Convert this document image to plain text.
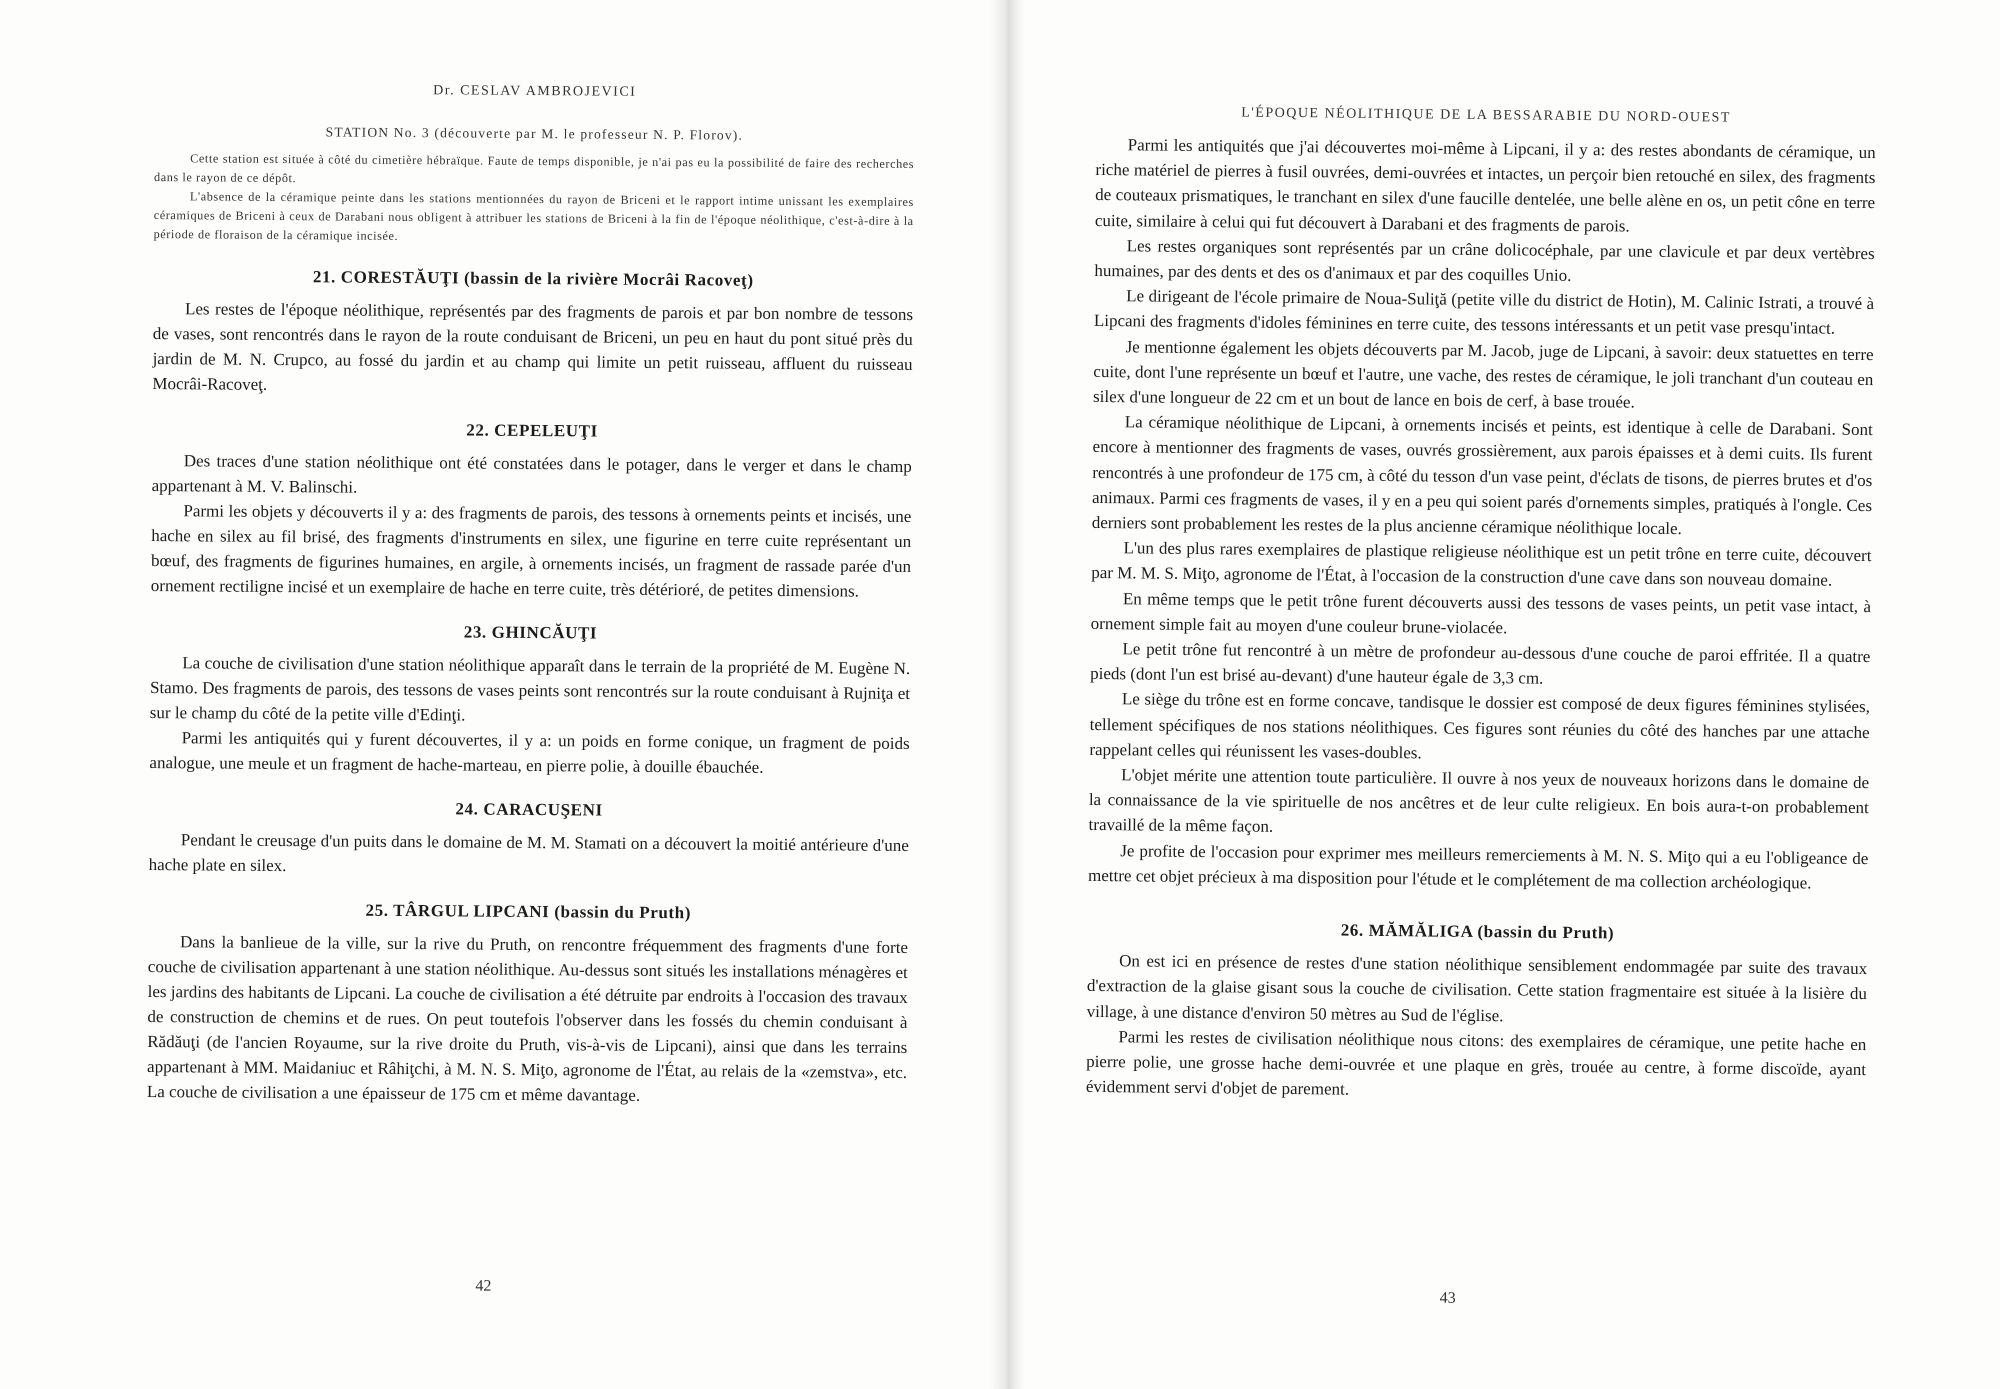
Dr. CESLAV AMBROJEVICI
STATION No. 3 (découverte par M. le professeur N. P. Florov).

Cette station est située à côté du cimetière hébraïque. Faute de temps disponible, je n'ai pas eu la possibilité de faire des recherches dans le rayon de ce dépôt.

L'absence de la céramique peinte dans les stations mentionnées du rayon de Briceni et le rapport intime unissant les exemplaires céramiques de Briceni à ceux de Darabani nous obligent à attribuer les stations de Briceni à la fin de l'époque néolithique, c'est-à-dire à la période de floraison de la céramique incisée.

21. CORESTĂUŢI (bassin de la rivière Mocrâi Racoveţ)

Les restes de l'époque néolithique, représentés par des fragments de parois et par bon nombre de tessons de vases, sont rencontrés dans le rayon de la route conduisant de Briceni, un peu en haut du pont situé près du jardin de M. N. Crupco, au fossé du jardin et au champ qui limite un petit ruisseau, affluent du ruisseau Mocrâi-Racoveţ.

22. CEPELEUŢI

Des traces d'une station néolithique ont été constatées dans le potager, dans le verger et dans le champ appartenant à M. V. Balinschi.

Parmi les objets y découverts il y a: des fragments de parois, des tessons à ornements peints et incisés, une hache en silex au fil brisé, des fragments d'instruments en silex, une figurine en terre cuite représentant un bœuf, des fragments de figurines humaines, en argile, à ornements incisés, un fragment de rassade parée d'un ornement rectiligne incisé et un exemplaire de hache en terre cuite, très détérioré, de petites dimensions.

23. GHINCĂUŢI

La couche de civilisation d'une station néolithique apparaît dans le terrain de la propriété de M. Eugène N. Stamo. Des fragments de parois, des tessons de vases peints sont rencontrés sur la route conduisant à Rujniţa et sur le champ du côté de la petite ville d'Edinţi.

Parmi les antiquités qui y furent découvertes, il y a: un poids en forme conique, un fragment de poids analogue, une meule et un fragment de hache-marteau, en pierre polie, à douille ébauchée.

24. CARACUŞENI

Pendant le creusage d'un puits dans le domaine de M. M. Stamati on a découvert la moitié antérieure d'une hache plate en silex.

25. TÂRGUL LIPCANI (bassin du Pruth)

Dans la banlieue de la ville, sur la rive du Pruth, on rencontre fréquemment des fragments d'une forte couche de civilisation appartenant à une station néolithique. Au-dessus sont situés les installations ménagères et les jardins des habitants de Lipcani. La couche de civilisation a été détruite par endroits à l'occasion des travaux de construction de chemins et de rues. On peut toutefois l'observer dans les fossés du chemin conduisant à Rădăuţi (de l'ancien Royaume, sur la rive droite du Pruth, vis-à-vis de Lipcani), ainsi que dans les terrains appartenant à MM. Maidaniuc et Râhiţchi, à M. N. S. Miţo, agronome de l'État, au relais de la «zemstva», etc. La couche de civilisation a une épaisseur de 175 cm et même davantage.

42
L'ÉPOQUE NÉOLITHIQUE DE LA BESSARABIE DU NORD-OUEST

Parmi les antiquités que j'ai découvertes moi-même à Lipcani, il y a: des restes abondants de céramique, un riche matériel de pierres à fusil ouvrées, demi-ouvrées et intactes, un perçoir bien retouché en silex, des fragments de couteaux prismatiques, le tranchant en silex d'une faucille dentelée, une belle alène en os, un petit cône en terre cuite, similaire à celui qui fut découvert à Darabani et des fragments de parois.

Les restes organiques sont représentés par un crâne dolicocéphale, par une clavicule et par deux vertèbres humaines, par des dents et des os d'animaux et par des coquilles Unio.

Le dirigeant de l'école primaire de Noua-Suliţă (petite ville du district de Hotin), M. Calinic Istrati, a trouvé à Lipcani des fragments d'idoles féminines en terre cuite, des tessons intéressants et un petit vase presqu'intact.

Je mentionne également les objets découverts par M. Jacob, juge de Lipcani, à savoir: deux statuettes en terre cuite, dont l'une représente un bœuf et l'autre, une vache, des restes de céramique, le joli tranchant d'un couteau en silex d'une longueur de 22 cm et un bout de lance en bois de cerf, à base trouée.

La céramique néolithique de Lipcani, à ornements incisés et peints, est identique à celle de Darabani. Sont encore à mentionner des fragments de vases, ouvrés grossièrement, aux parois épaisses et à demi cuits. Ils furent rencontrés à une profondeur de 175 cm, à côté du tesson d'un vase peint, d'éclats de tisons, de pierres brutes et d'os animaux. Parmi ces fragments de vases, il y en a peu qui soient parés d'ornements simples, pratiqués à l'ongle. Ces derniers sont probablement les restes de la plus ancienne céramique néolithique locale.

L'un des plus rares exemplaires de plastique religieuse néolithique est un petit trône en terre cuite, découvert par M. M. S. Miţo, agronome de l'État, à l'occasion de la construction d'une cave dans son nouveau domaine.

En même temps que le petit trône furent découverts aussi des tessons de vases peints, un petit vase intact, à ornement simple fait au moyen d'une couleur brune-violacée.

Le petit trône fut rencontré à un mètre de profondeur au-dessous d'une couche de paroi effritée. Il a quatre pieds (dont l'un est brisé au-devant) d'une hauteur égale de 3,3 cm.

Le siège du trône est en forme concave, tandisque le dossier est composé de deux figures féminines stylisées, tellement spécifiques de nos stations néolithiques. Ces figures sont réunies du côté des hanches par une attache rappelant celles qui réunissent les vases-doubles.

L'objet mérite une attention toute particulière. Il ouvre à nos yeux de nouveaux horizons dans le domaine de la connaissance de la vie spirituelle de nos ancêtres et de leur culte religieux. En bois aura-t-on probablement travaillé de la même façon.

Je profite de l'occasion pour exprimer mes meilleurs remerciements à M. N. S. Miţo qui a eu l'obligeance de mettre cet objet précieux à ma disposition pour l'étude et le complétement de ma collection archéologique.

26. MĂMĂLIGA (bassin du Pruth)

On est ici en présence de restes d'une station néolithique sensiblement endommagée par suite des travaux d'extraction de la glaise gisant sous la couche de civilisation. Cette station fragmentaire est située à la lisière du village, à une distance d'environ 50 mètres au Sud de l'église.

Parmi les restes de civilisation néolithique nous citons: des exemplaires de céramique, une petite hache en pierre polie, une grosse hache demi-ouvrée et une plaque en grès, trouée au centre, à forme discoïde, ayant évidemment servi d'objet de parement.

43
